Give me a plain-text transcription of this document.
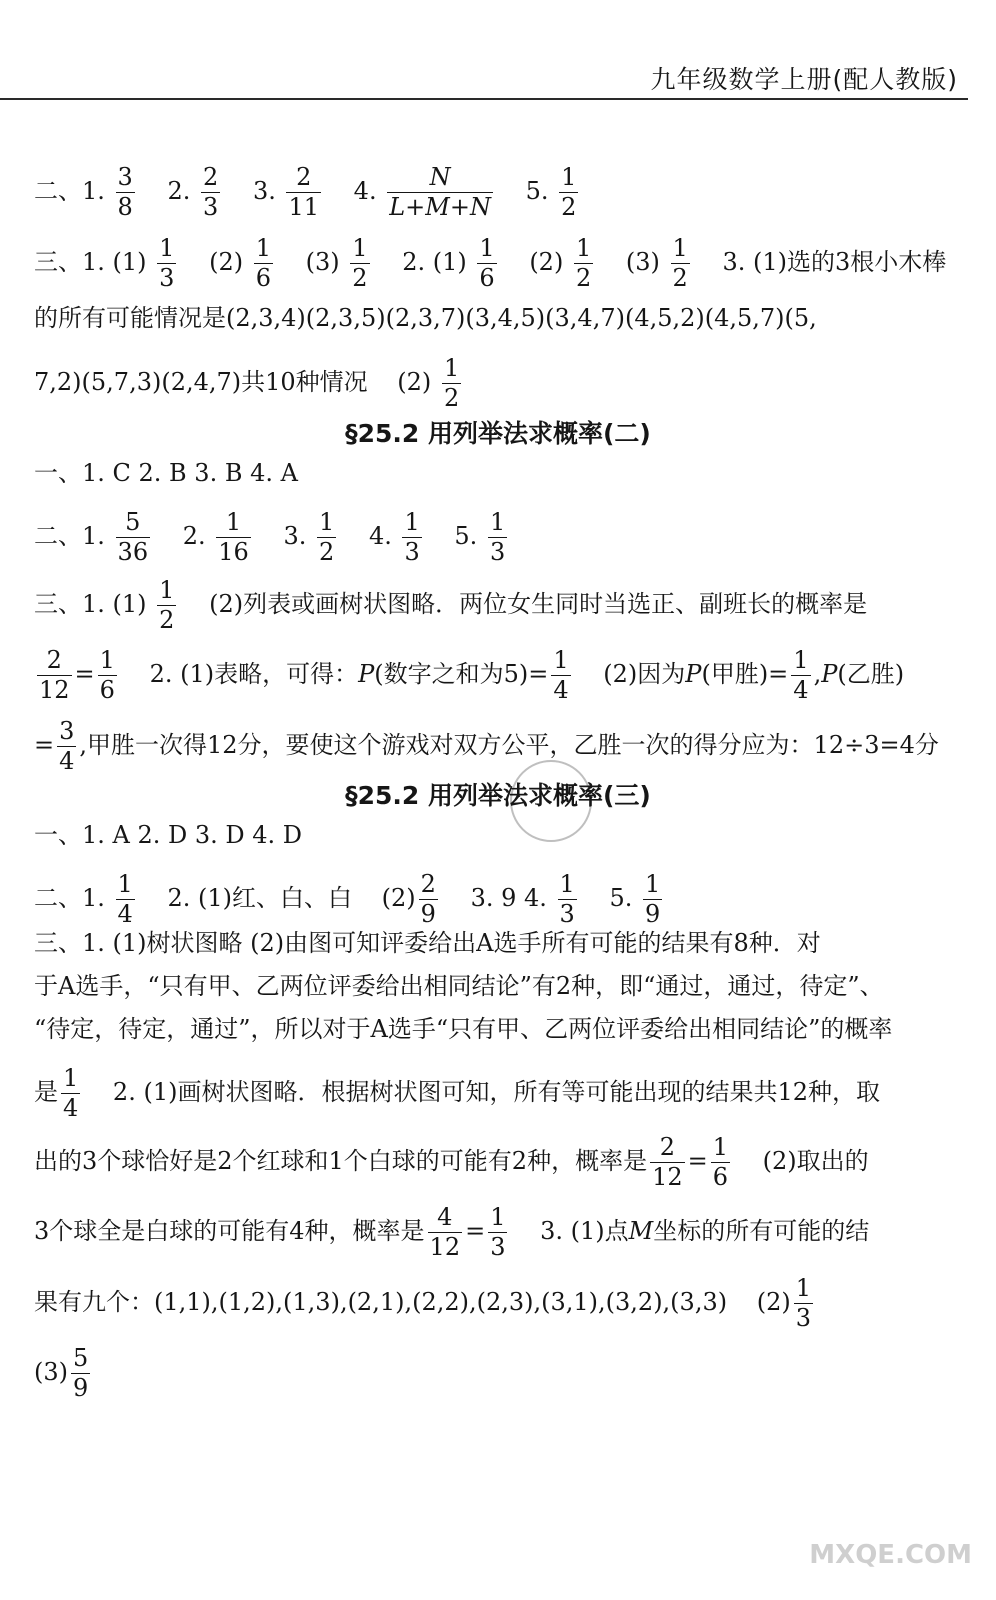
九年级数学上册(配人教版)
二、1. $\frac{3}{8} 2$. $\frac{2}{3} 3$. $\frac{2}{11} 4$. $\frac{N}{L+M+N} 5$. $\frac{1}{2}$
三、1. $(1) \frac{1}{3} (2) \frac{1}{6} (3) \frac{1}{2} 2$. $(1) \frac{1}{6} (2) \frac{1}{2} (3) \frac{1}{2} 3$. (1)选的3根小木棒
的所有可能情况是(2,3,4)(2,3,5)(2,3,7)(3,4,5)(3,4,7)(4,5,2)(4,5,7)(5,
7,2)(5,7,3)(2,4,7)共10种情况 $(2) \frac{1}{2}$
§25.2 用列举法求概率(二)
一、1. C 2. B 3. B 4. A
二、1. $\frac{5}{36} 2$. $\frac{1}{16} 3$. $\frac{1}{2} 4$. $\frac{1}{3} 5$. $\frac{1}{3}$
三、1. $(1) \frac{1}{2} (2)$列表或画树状图略．两位女生同时当选正、副班长的概率是
$\frac{2}{12} = \frac{1}{6} 2$. (1)表略，可得：P(数字之和为$5)= \frac{1}{4} (2)$因为P(甲胜)= $\frac{1}{4} ,P$(乙胜)
= $\frac{3}{4}$ ,甲胜一次得12分，要使这个游戏对双方公平，乙胜一次的得分应为：12÷3=4分
§25.2 用列举法求概率(三)
一、1. A 2. D 3. D 4. D
二、1. $\frac{1}{4} 2$. (1)红、白、白 $(2) \frac{2}{9} 3$. 9 4. $\frac{1}{3} 5$. $\frac{1}{9}$
三、1. (1)树状图略 (2)由图可知评委给出A选手所有可能的结果有8种．对
于A选手，“只有甲、乙两位评委给出相同结论”有2种，即“通过，通过，待定”、
“待定，待定，通过”，所以对于A选手“只有甲、乙两位评委给出相同结论”的概率
是 $\frac{1}{4} 2$. (1)画树状图略．根据树状图可知，所有等可能出现的结果共12种，取
出的3个球恰好是2个红球和1个白球的可能有2种，概率是 $\frac{2}{12} = \frac{1}{6} (2)$取出的
3个球全是白球的可能有4种，概率是 $\frac{4}{12} = \frac{1}{3} 3$. (1)点M坐标的所有可能的结
果有九个：(1,1),(1,2),(1,3),(2,1),(2,2),(2,3),(3,1),(3,2),(3,3) $(2) \frac{1}{3}$
$(3) \frac{5}{9}$
MXQE.COM
